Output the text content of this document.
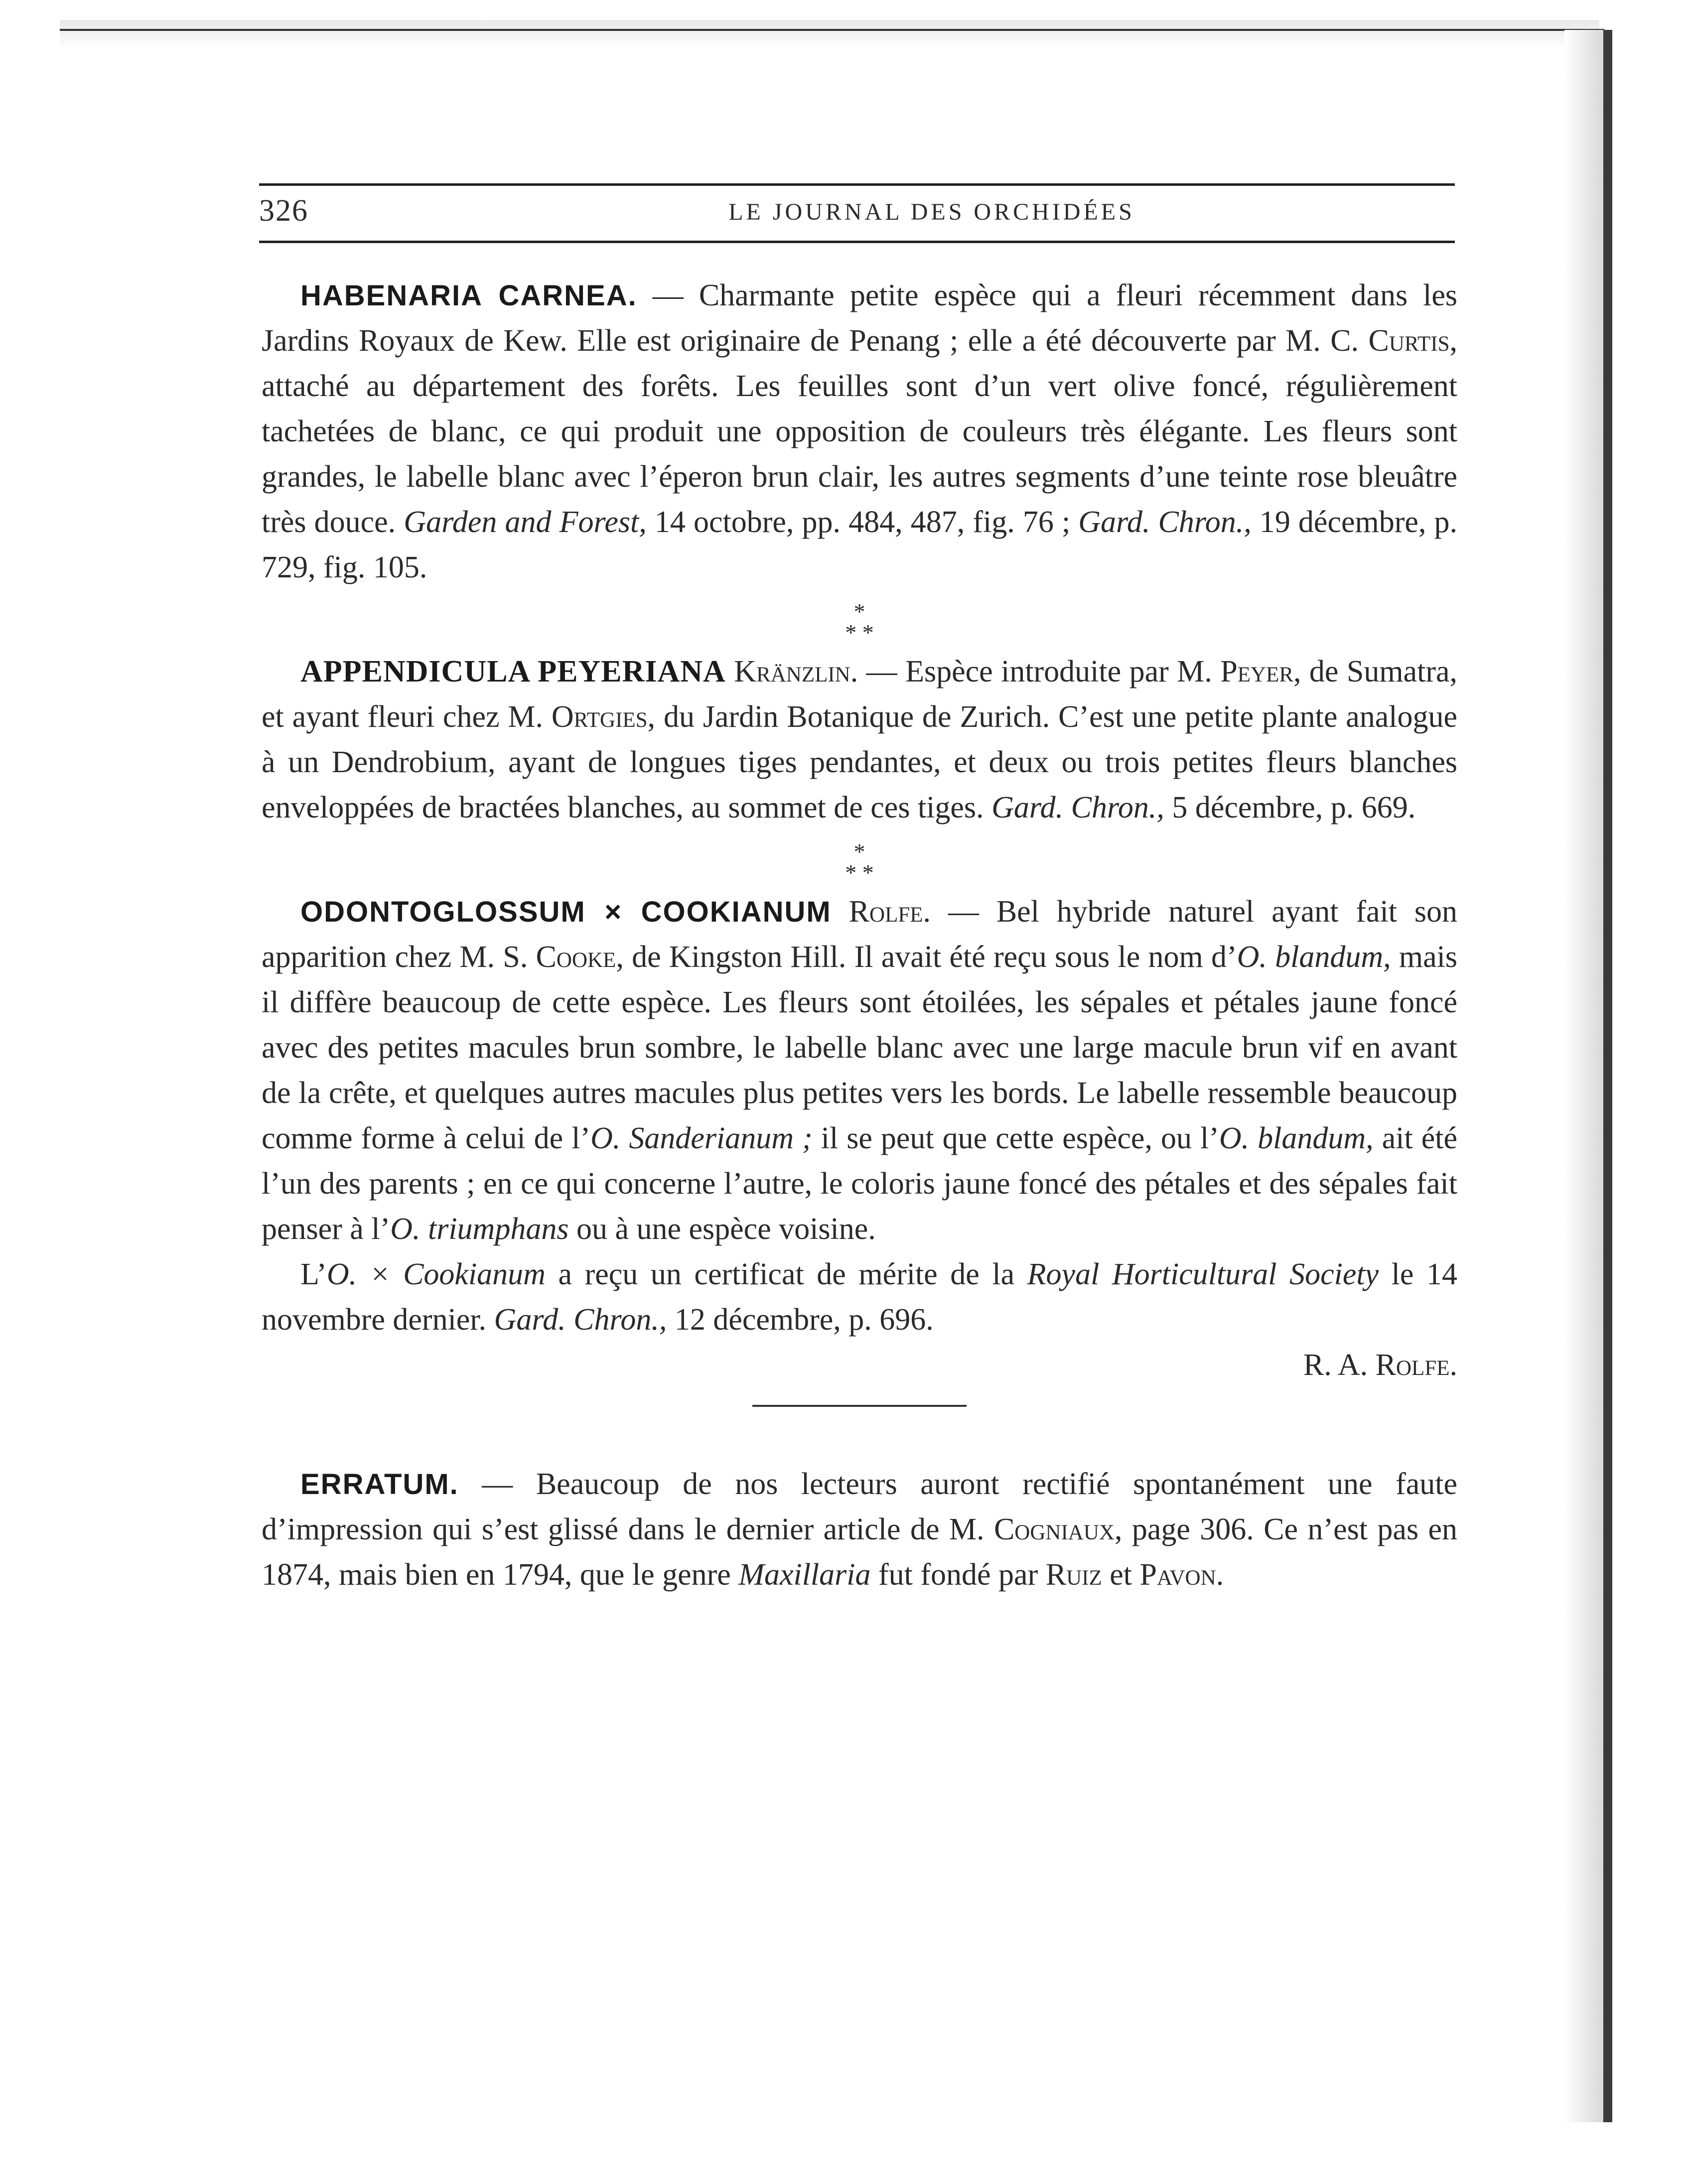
326	LE JOURNAL DES ORCHIDÉES

HABENARIA CARNEA. — Charmante petite espèce qui a fleuri récemment dans les Jardins Royaux de Kew. Elle est originaire de Penang ; elle a été découverte par M. C. Curtis, attaché au département des forêts. Les feuilles sont d’un vert olive foncé, régulièrement tachetées de blanc, ce qui produit une opposition de couleurs très élégante. Les fleurs sont grandes, le labelle blanc avec l’éperon brun clair, les autres segments d’une teinte rose bleuâtre très douce. Garden and Forest, 14 octobre, pp. 484, 487, fig. 76 ; Gard. Chron., 19 décembre, p. 729, fig. 105.

*
* *

APPENDICULA PEYERIANA Kränzlin. — Espèce introduite par M. Peyer, de Sumatra, et ayant fleuri chez M. Ortgies, du Jardin Botanique de Zurich. C’est une petite plante analogue à un Dendrobium, ayant de longues tiges pendantes, et deux ou trois petites fleurs blanches enveloppées de bractées blanches, au sommet de ces tiges. Gard. Chron., 5 décembre, p. 669.

*
* *

ODONTOGLOSSUM × COOKIANUM Rolfe. — Bel hybride naturel ayant fait son apparition chez M. S. Cooke, de Kingston Hill. Il avait été reçu sous le nom d’O. blandum, mais il diffère beaucoup de cette espèce. Les fleurs sont étoilées, les sépales et pétales jaune foncé avec des petites macules brun sombre, le labelle blanc avec une large macule brun vif en avant de la crête, et quelques autres macules plus petites vers les bords. Le labelle ressemble beaucoup comme forme à celui de l’O. Sanderianum ; il se peut que cette espèce, ou l’O. blandum, ait été l’un des parents ; en ce qui concerne l’autre, le coloris jaune foncé des pétales et des sépales fait penser à l’O. triumphans ou à une espèce voisine.

L’O. × Cookianum a reçu un certificat de mérite de la Royal Horticultural Society le 14 novembre dernier. Gard. Chron., 12 décembre, p. 696.

R. A. Rolfe.

ERRATUM. — Beaucoup de nos lecteurs auront rectifié spontanément une faute d’impression qui s’est glissé dans le dernier article de M. Cogniaux, page 306. Ce n’est pas en 1874, mais bien en 1794, que le genre Maxillaria fut fondé par Ruiz et Pavon.
